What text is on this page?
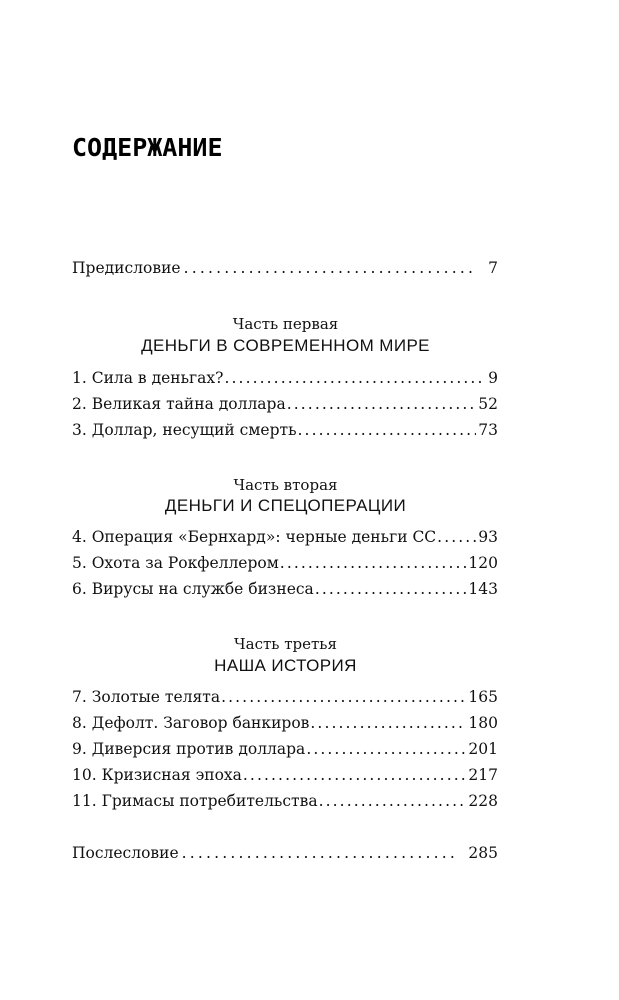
СОДЕРЖАНИЕ
Предисловие .....	7
Часть первая
ДЕНЬГИ В СОВРЕМЕННОМ МИРЕ
1. Сила в деньгах? .....	9
2. Великая тайна доллара .....	52
3. Доллар, несущий смерть .....	73
Часть вторая
ДЕНЬГИ И СПЕЦОПЕРАЦИИ
4. Операция «Бернхард»: черные деньги СС .....	93
5. Охота за Рокфеллером .....	120
6. Вирусы на службе бизнеса .....	143
Часть третья
НАША ИСТОРИЯ
7. Золотые телята .....	165
8. Дефолт. Заговор банкиров .....	180
9. Диверсия против доллара .....	201
10. Кризисная эпоха .....	217
11. Гримасы потребительства .....	228
Послесловие .....	285
